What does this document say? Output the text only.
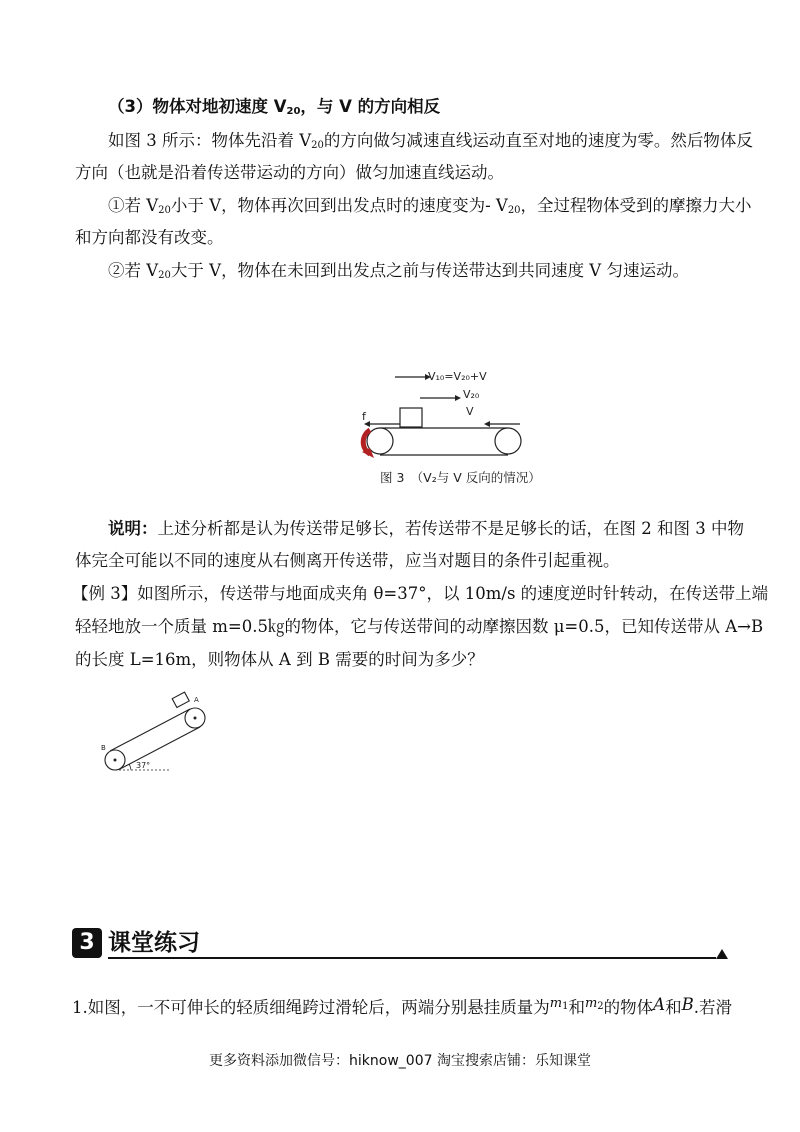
（3）物体对地初速度 $V_{20}$，与 V 的方向相反
如图 3 所示：物体先沿着 $V_{20}$的方向做匀减速直线运动直至对地的速度为零。然后物体反
方向（也就是沿着传送带运动的方向）做匀加速直线运动。
①若 $V_{20}$小于 V，物体再次回到出发点时的速度变为- $V_{20}$，全过程物体受到的摩擦力大小
和方向都没有改变。
②若 $V_{20}$大于 V，物体在未回到出发点之前与传送带达到共同速度 V 匀速运动。
V₁₀=V₂₀+V
V₂₀
f	V
图 3　（V₂与 V 反向的情况）
说明：上述分析都是认为传送带足够长，若传送带不是足够长的话，在图 2 和图 3 中物
体完全可能以不同的速度从右侧离开传送带，应当对题目的条件引起重视。
【例 3】如图所示，传送带与地面成夹角 θ=37°，以 10m/s 的速度逆时针转动，在传送带上端
轻轻地放一个质量 m=0.5㎏的物体，它与传送带间的动摩擦因数 μ=0.5，已知传送带从 A→B
的长度 L=16m，则物体从 A 到 B 需要的时间为多少？
A
B
37°
3 课堂练习
1.如图，一不可伸长的轻质细绳跨过滑轮后，两端分别悬挂质量为$^{m1}$和$^{m2}$的物体A和B.若滑
更多资料添加微信号：hiknow_007 淘宝搜索店铺：乐知课堂
